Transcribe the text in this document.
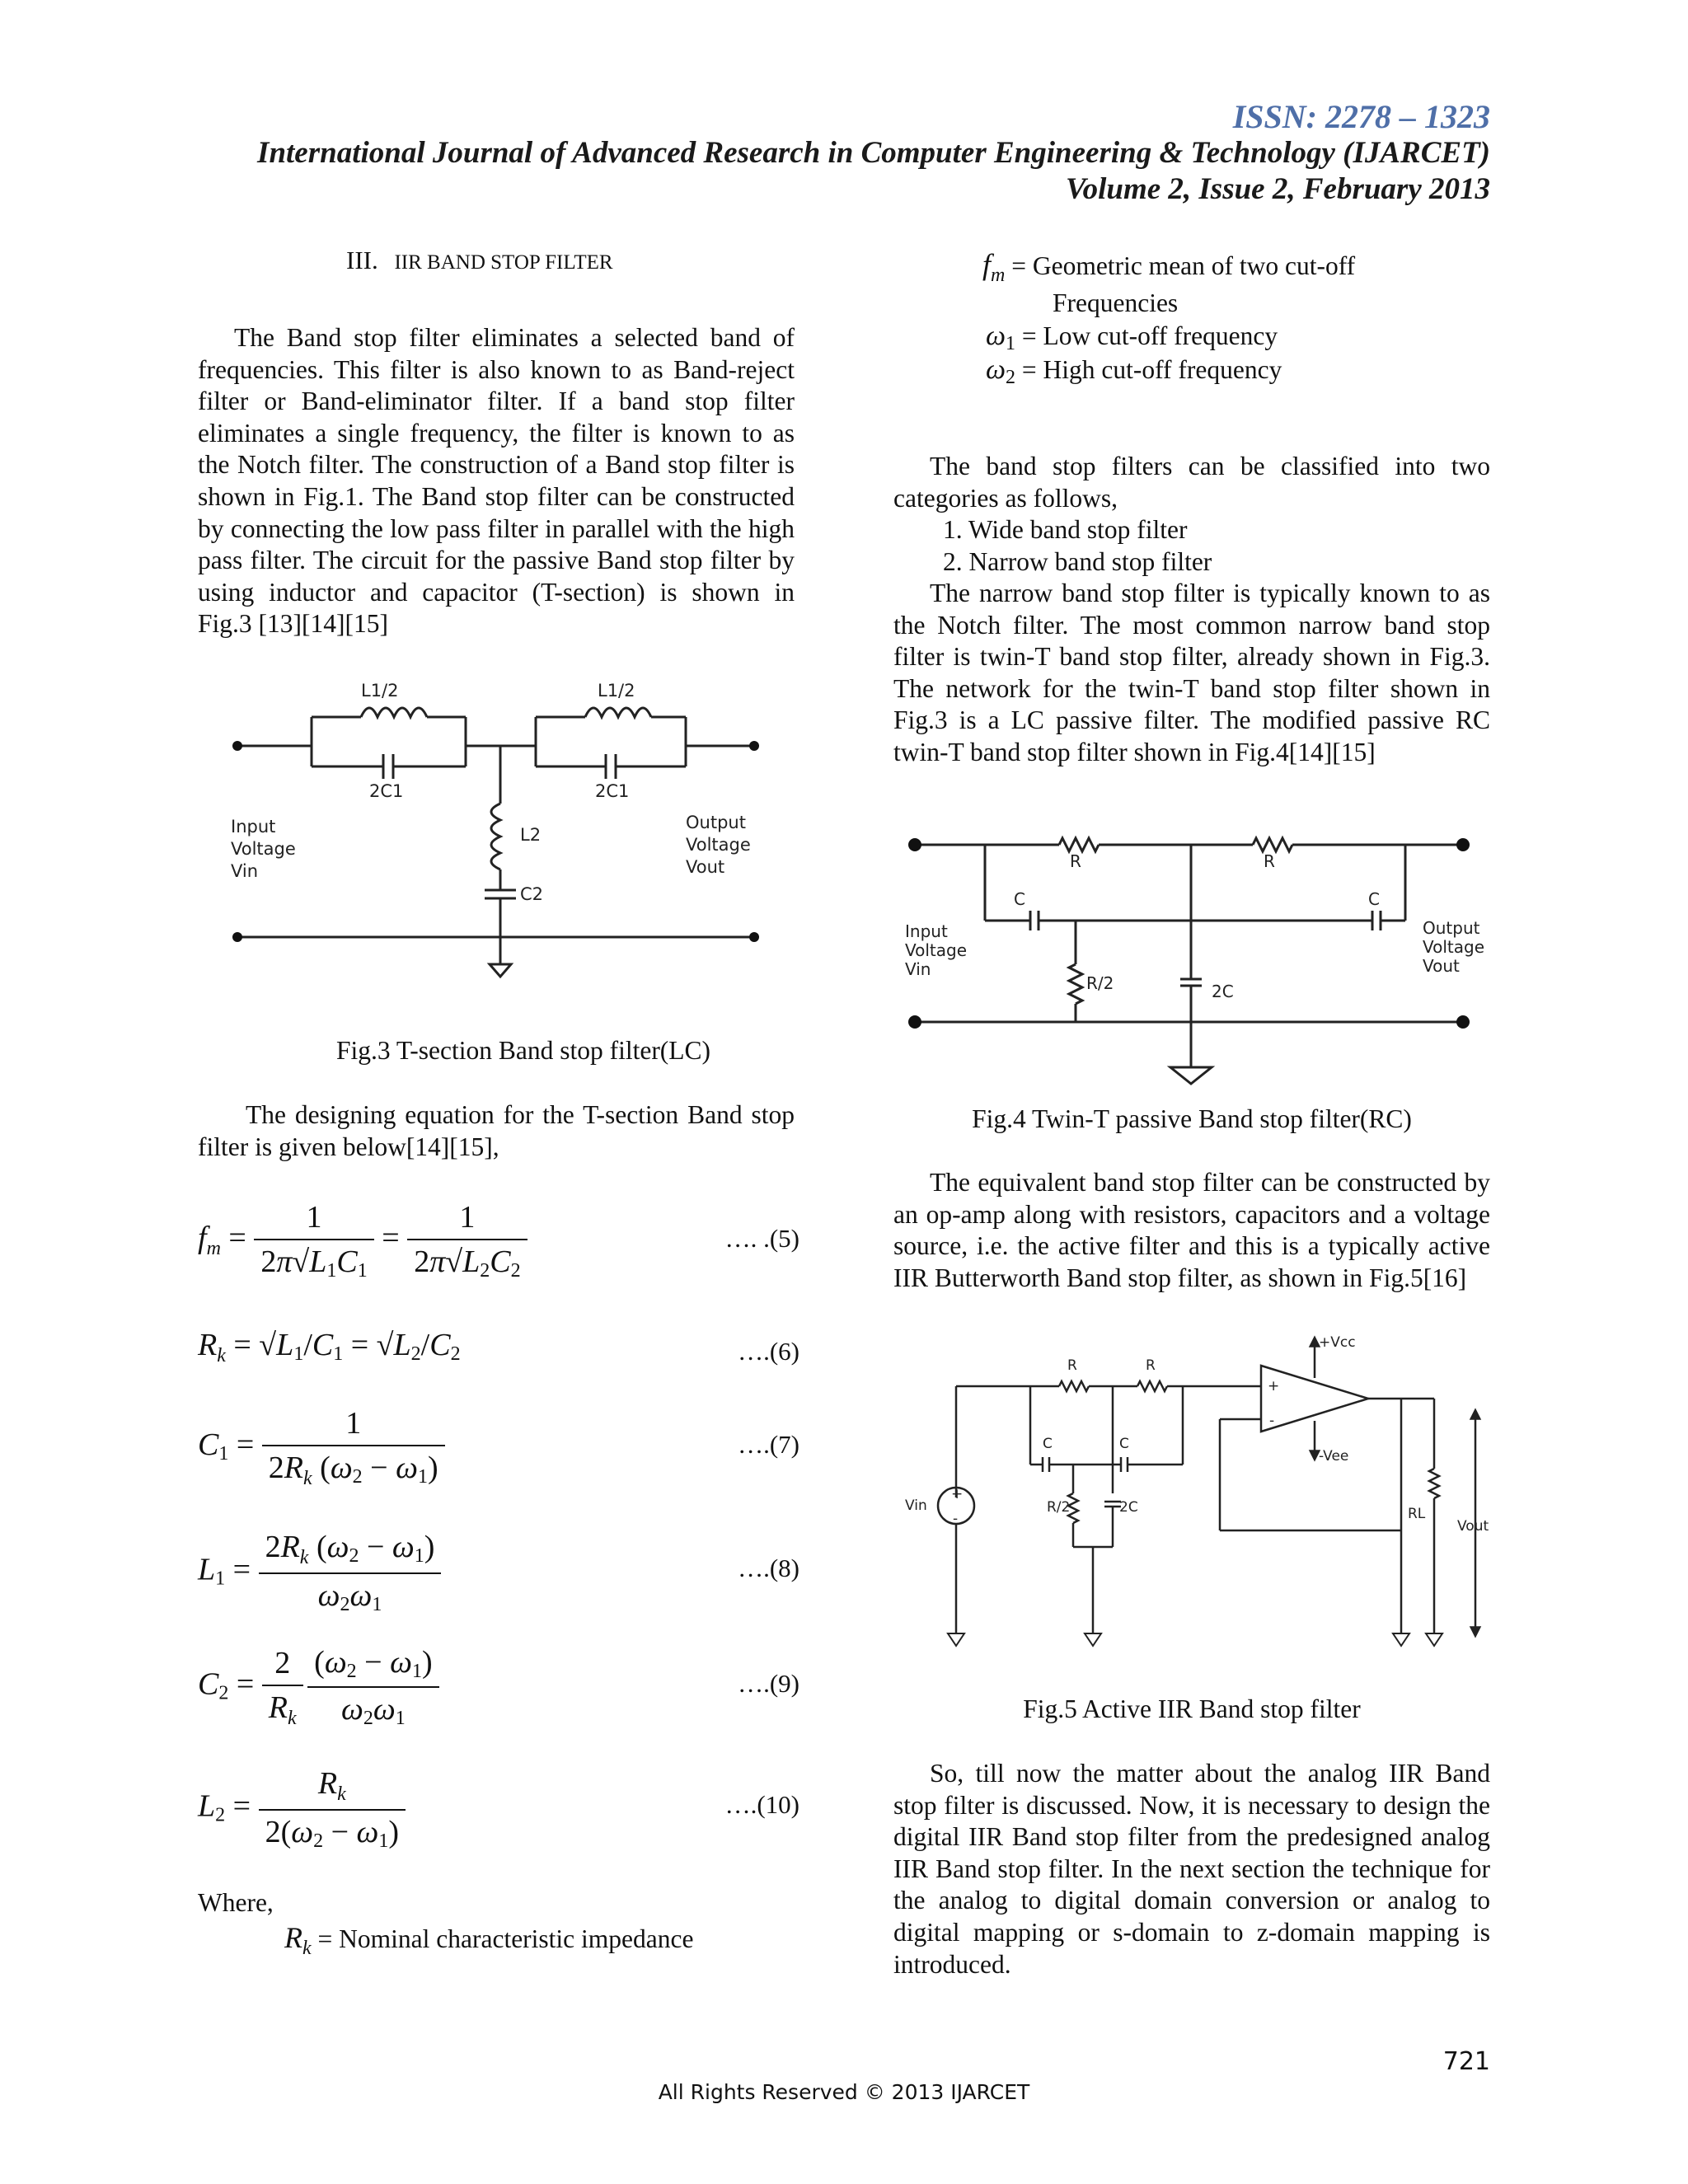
ISSN: 2278 – 1323
International Journal of Advanced Research in Computer Engineering & Technology (IJARCET)
Volume 2, Issue 2, February 2013
III. IIR BAND STOP FILTER
The Band stop filter eliminates a selected band of frequencies. This filter is also known to as Band-reject filter or Band-eliminator filter. If a band stop filter eliminates a single frequency, the filter is known to as the Notch filter. The construction of a Band stop filter is shown in Fig.1. The Band stop filter can be constructed by connecting the low pass filter in parallel with the high pass filter. The circuit for the passive Band stop filter by using inductor and capacitor (T-section) is shown in Fig.3 [13][14][15]
L1/2	L1/2
2C1	2C1
L2
C2
Input
Voltage
Vin
Output
Voltage
Vout
Fig.3 T-section Band stop filter(LC)
The designing equation for the T-section Band stop filter is given below[14][15],
$f_m = \frac{1}{2\pi√L1C1} = \frac{1}{2\pi√L2C2}$	…. .(5)
$R_k = √L1/C1 = √L2/C2$	….(6)
$C1 = \frac{1}{2R_k (\omega 2 - \omega 1)}$	….(7)
$L1 = \frac{2R_k (\omega 2 - \omega 1)}{\omega 2\omega 1}$	….(8)
$C2 = \frac{2}{R_k}$
$\frac{(\omega 2 - \omega 1)}{\omega 2\omega 1}$	….(9)
$L2 = \frac{R_k}{2(\omega 2 - \omega 1)}$	….(10)
Where,
$R_k$ = Nominal characteristic impedance
$f_m$ = Geometric mean of two cut-off
Frequencies
ω1 = Low cut-off frequency
ω2 = High cut-off frequency
The band stop filters can be classified into two categories as follows,
1. Wide band stop filter
2. Narrow band stop filter
The narrow band stop filter is typically known to as the Notch filter. The most common narrow band stop filter is twin-T band stop filter, already shown in Fig.3. The network for the twin-T band stop filter shown in Fig.3 is a LC passive filter. The modified passive RC twin-T band stop filter shown in Fig.4[14][15]
R	R
C	C
R/2	2C
Input
Voltage
Vin
Output
Voltage
Vout
Fig.4 Twin-T passive Band stop filter(RC)
The equivalent band stop filter can be constructed by an op-amp along with resistors, capacitors and a voltage source, i.e. the active filter and this is a typically active IIR Butterworth Band stop filter, as shown in Fig.5[16]
+
-
+
-
+Vcc
-Vee
R	R
C	C
R/2	2C
Vin	RL
Vout
Fig.5 Active IIR Band stop filter
So, till now the matter about the analog IIR Band stop filter is discussed. Now, it is necessary to design the digital IIR Band stop filter from the predesigned analog IIR Band stop filter. In the next section the technique for the analog to digital domain conversion or analog to digital mapping or s-domain to z-domain mapping is introduced.
721
All Rights Reserved © 2013 IJARCET
